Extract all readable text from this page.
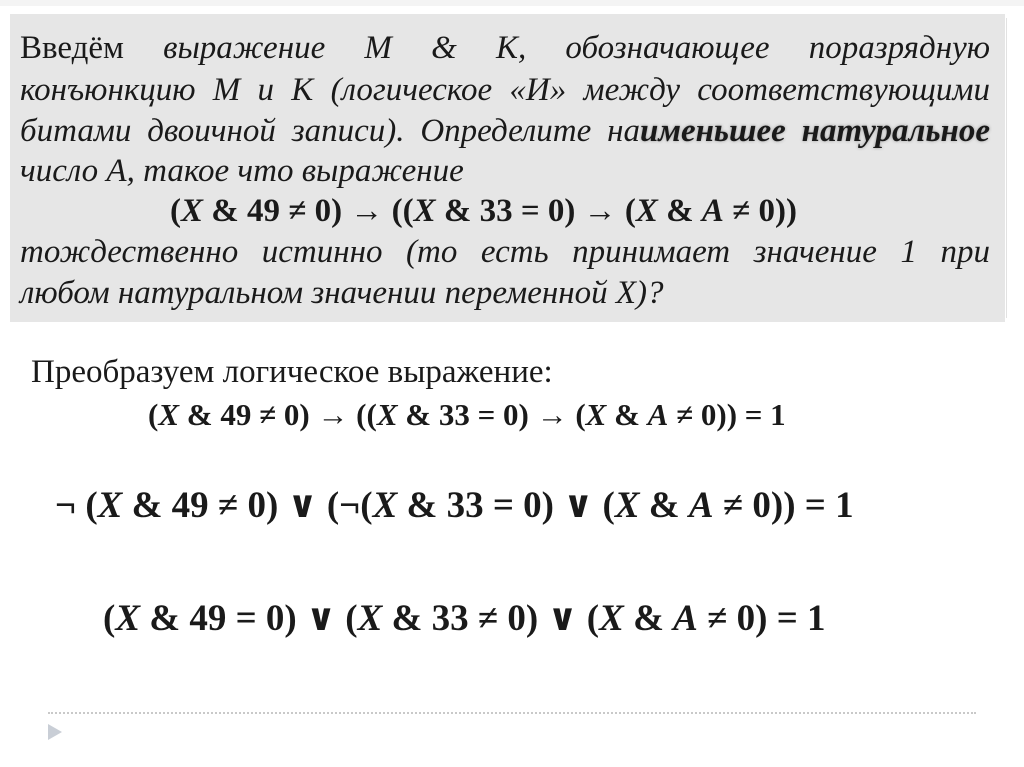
Введём выражение М & K, обозначающее поразрядную
конъюнкцию M и K (логическое «И» между соответствующими
битами двоичной записи). Определите наименьшее натуральное
число А, такое что выражение
(X & 49 ≠ 0) → ((X & 33 = 0) → (X & A ≠ 0))
тождественно истинно (то есть принимает значение 1 при
любом натуральном значении переменной X)?
Преобразуем логическое выражение:
(X & 49 ≠ 0) → ((X & 33 = 0) → (X & A ≠ 0)) = 1
¬ (X & 49 ≠ 0) ∨ (¬(X & 33 = 0) ∨ (X & A ≠ 0)) = 1
(X & 49 = 0) ∨ (X & 33 ≠ 0) ∨ (X & A ≠ 0) = 1
